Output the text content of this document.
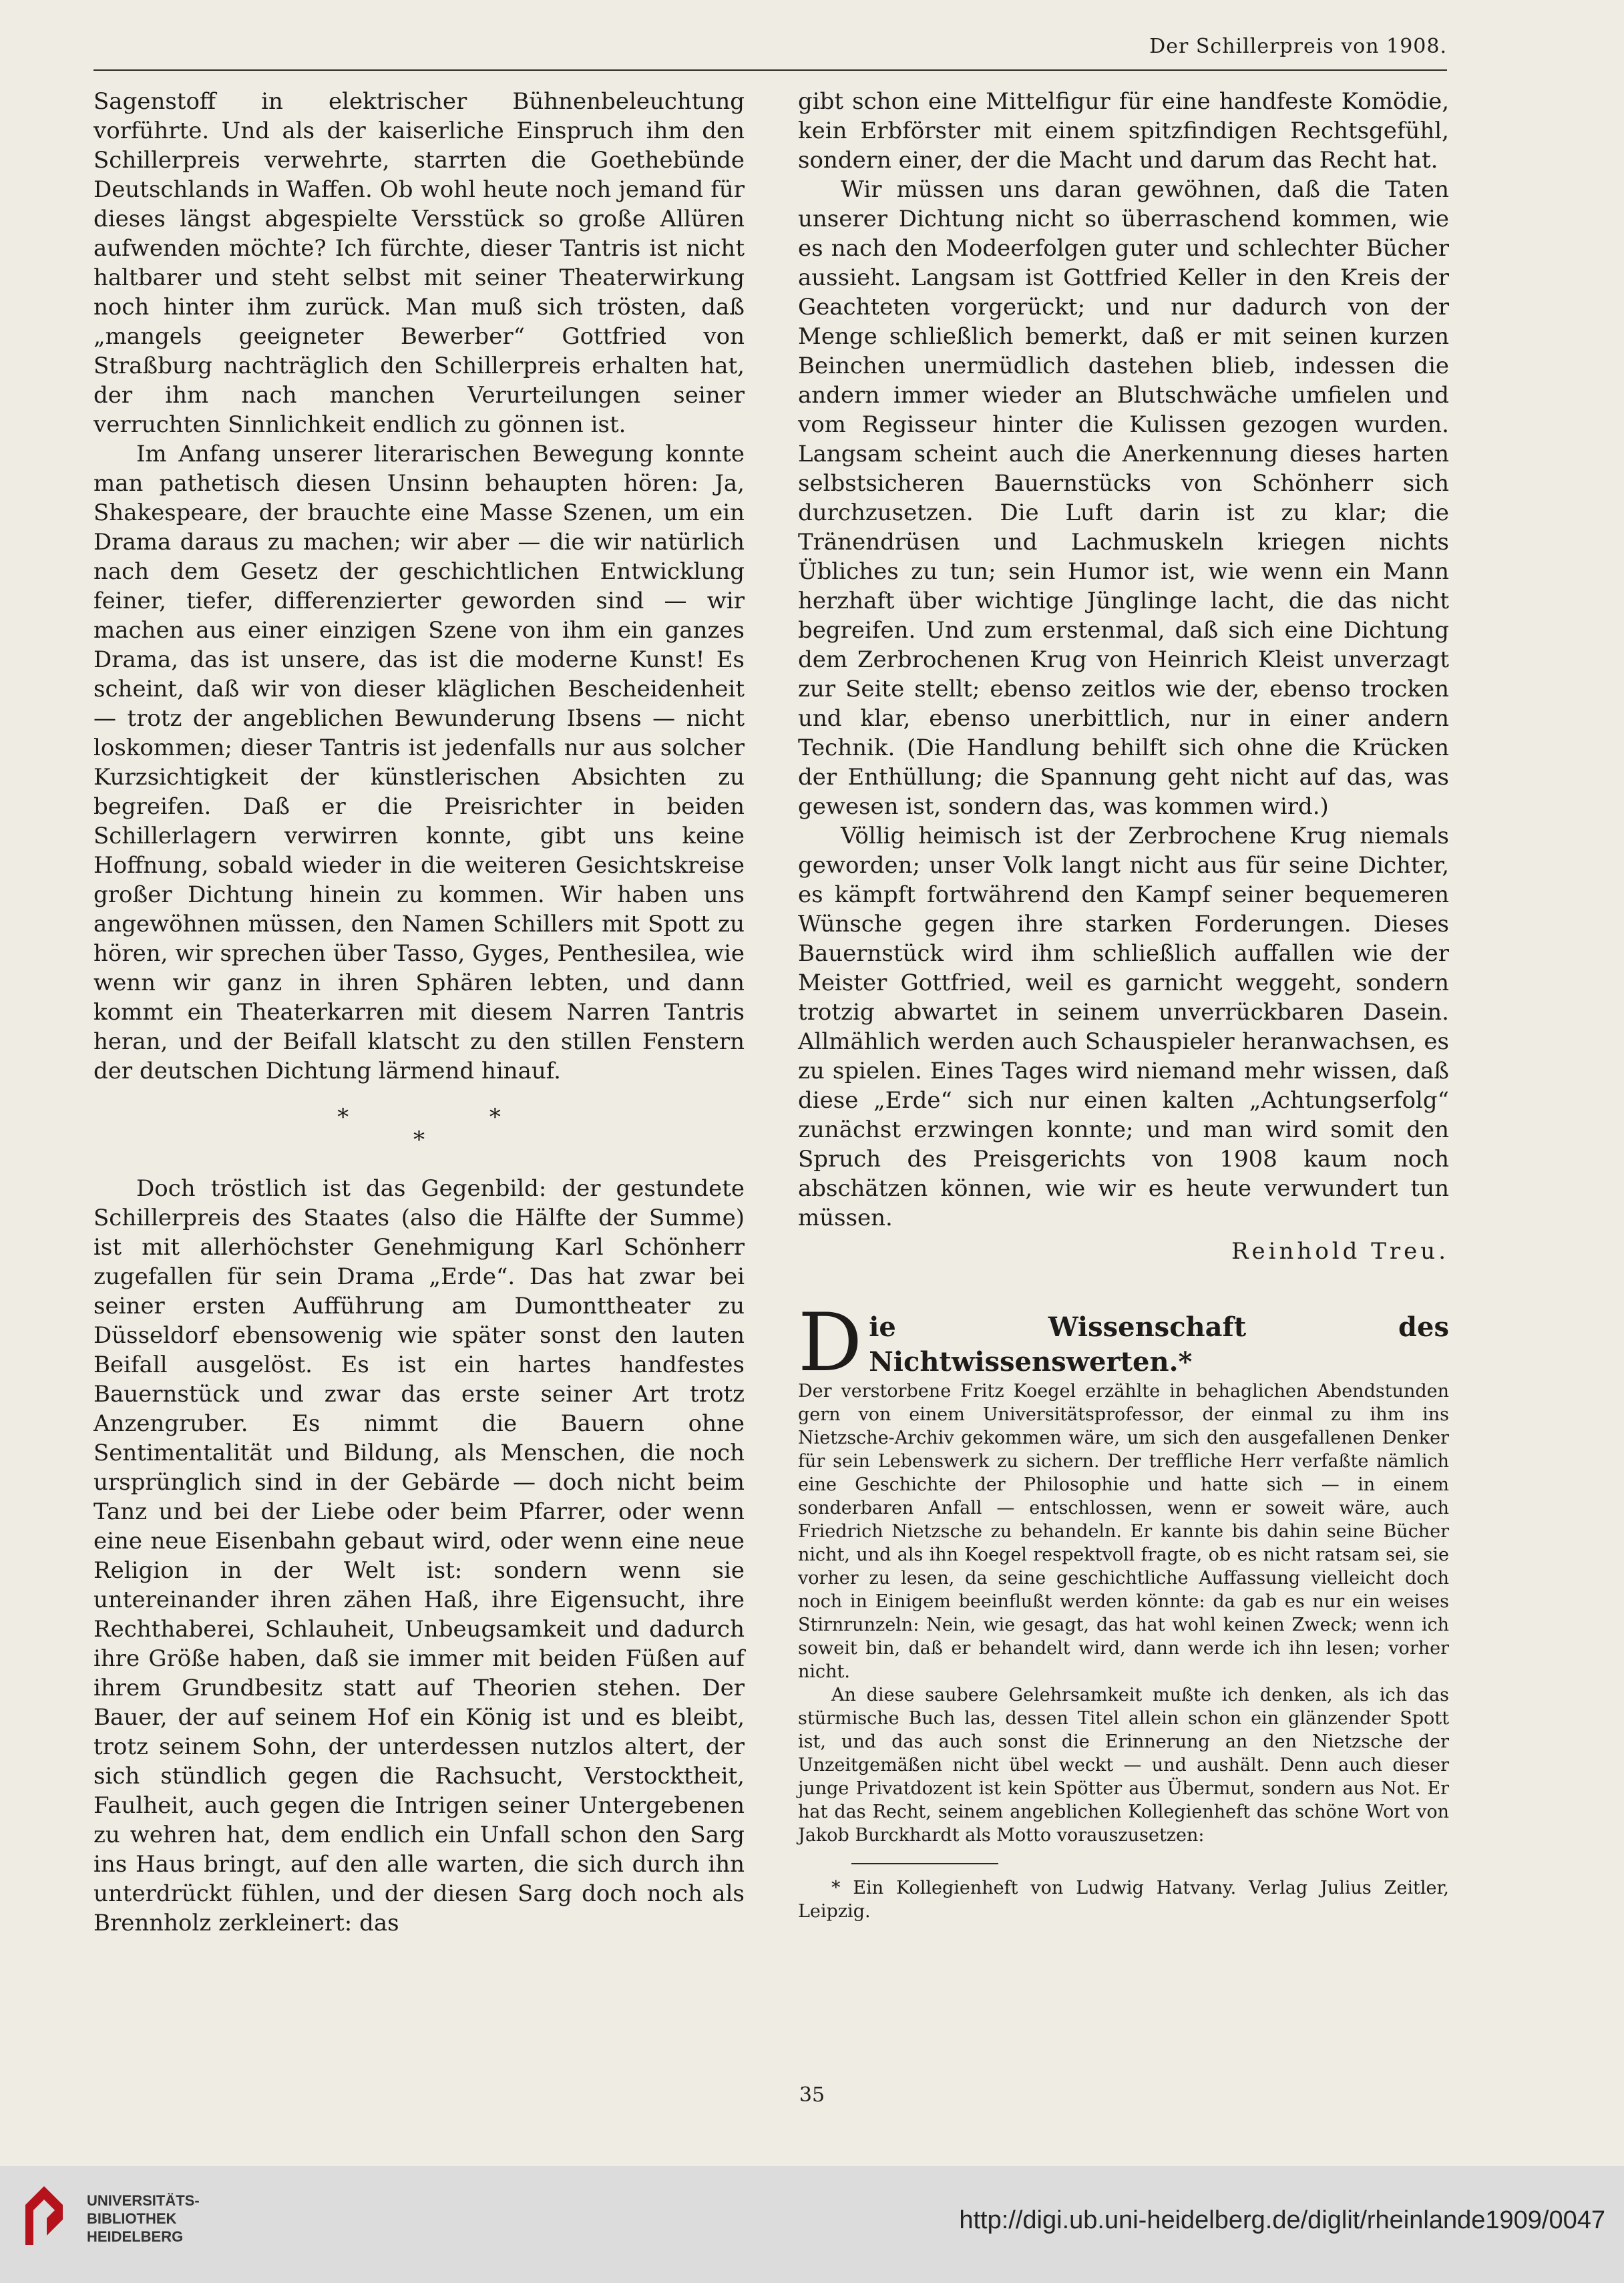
Der Schillerpreis von 1908.

Sagenstoff in elektrischer Bühnenbeleuchtung vorführte. Und als der kaiserliche Einspruch ihm den Schillerpreis verwehrte, starrten die Goethebünde Deutschlands in Waffen. Ob wohl heute noch jemand für dieses längst abgespielte Versstück so große Allüren aufwenden möchte? Ich fürchte, dieser Tantris ist nicht haltbarer und steht selbst mit seiner Theaterwirkung noch hinter ihm zurück. Man muß sich trösten, daß „mangels geeigneter Bewerber“ Gottfried von Straßburg nachträglich den Schillerpreis erhalten hat, der ihm nach manchen Verurteilungen seiner verruchten Sinnlichkeit endlich zu gönnen ist.

Im Anfang unserer literarischen Bewegung konnte man pathetisch diesen Unsinn behaupten hören: Ja, Shakespeare, der brauchte eine Masse Szenen, um ein Drama daraus zu machen; wir aber — die wir natürlich nach dem Gesetz der geschichtlichen Entwicklung feiner, tiefer, differenzierter geworden sind — wir machen aus einer einzigen Szene von ihm ein ganzes Drama, das ist unsere, das ist die moderne Kunst! Es scheint, daß wir von dieser kläglichen Bescheidenheit — trotz der angeblichen Bewunderung Ibsens — nicht loskommen; dieser Tantris ist jedenfalls nur aus solcher Kurzsichtigkeit der künstlerischen Absichten zu begreifen. Daß er die Preisrichter in beiden Schillerlagern verwirren konnte, gibt uns keine Hoffnung, sobald wieder in die weiteren Gesichtskreise großer Dichtung hinein zu kommen. Wir haben uns angewöhnen müssen, den Namen Schillers mit Spott zu hören, wir sprechen über Tasso, Gyges, Penthesilea, wie wenn wir ganz in ihren Sphären lebten, und dann kommt ein Theaterkarren mit diesem Narren Tantris heran, und der Beifall klatscht zu den stillen Fenstern der deutschen Dichtung lärmend hinauf.

* *
*

Doch tröstlich ist das Gegenbild: der gestundete Schillerpreis des Staates (also die Hälfte der Summe) ist mit allerhöchster Genehmigung Karl Schönherr zugefallen für sein Drama „Erde“. Das hat zwar bei seiner ersten Aufführung am Dumonttheater zu Düsseldorf ebensowenig wie später sonst den lauten Beifall ausgelöst. Es ist ein hartes handfestes Bauernstück und zwar das erste seiner Art trotz Anzengruber. Es nimmt die Bauern ohne Sentimentalität und Bildung, als Menschen, die noch ursprünglich sind in der Gebärde — doch nicht beim Tanz und bei der Liebe oder beim Pfarrer, oder wenn eine neue Eisenbahn gebaut wird, oder wenn eine neue Religion in der Welt ist: sondern wenn sie untereinander ihren zähen Haß, ihre Eigensucht, ihre Rechthaberei, Schlauheit, Unbeugsamkeit und dadurch ihre Größe haben, daß sie immer mit beiden Füßen auf ihrem Grundbesitz statt auf Theorien stehen. Der Bauer, der auf seinem Hof ein König ist und es bleibt, trotz seinem Sohn, der unterdessen nutzlos altert, der sich stündlich gegen die Rachsucht, Verstocktheit, Faulheit, auch gegen die Intrigen seiner Untergebenen zu wehren hat, dem endlich ein Unfall schon den Sarg ins Haus bringt, auf den alle warten, die sich durch ihn unterdrückt fühlen, und der diesen Sarg doch noch als Brennholz zerkleinert: das

gibt schon eine Mittelfigur für eine handfeste Komödie, kein Erbförster mit einem spitzfindigen Rechtsgefühl, sondern einer, der die Macht und darum das Recht hat.

Wir müssen uns daran gewöhnen, daß die Taten unserer Dichtung nicht so überraschend kommen, wie es nach den Modeerfolgen guter und schlechter Bücher aussieht. Langsam ist Gottfried Keller in den Kreis der Geachteten vorgerückt; und nur dadurch von der Menge schließlich bemerkt, daß er mit seinen kurzen Beinchen unermüdlich dastehen blieb, indessen die andern immer wieder an Blutschwäche umfielen und vom Regisseur hinter die Kulissen gezogen wurden. Langsam scheint auch die Anerkennung dieses harten selbstsicheren Bauernstücks von Schönherr sich durchzusetzen. Die Luft darin ist zu klar; die Tränendrüsen und Lachmuskeln kriegen nichts Übliches zu tun; sein Humor ist, wie wenn ein Mann herzhaft über wichtige Jünglinge lacht, die das nicht begreifen. Und zum erstenmal, daß sich eine Dichtung dem Zerbrochenen Krug von Heinrich Kleist unverzagt zur Seite stellt; ebenso zeitlos wie der, ebenso trocken und klar, ebenso unerbittlich, nur in einer andern Technik. (Die Handlung behilft sich ohne die Krücken der Enthüllung; die Spannung geht nicht auf das, was gewesen ist, sondern das, was kommen wird.)

Völlig heimisch ist der Zerbrochene Krug niemals geworden; unser Volk langt nicht aus für seine Dichter, es kämpft fortwährend den Kampf seiner bequemeren Wünsche gegen ihre starken Forderungen. Dieses Bauernstück wird ihm schließlich auffallen wie der Meister Gottfried, weil es garnicht weggeht, sondern trotzig abwartet in seinem unverrückbaren Dasein. Allmählich werden auch Schauspieler heranwachsen, es zu spielen. Eines Tages wird niemand mehr wissen, daß diese „Erde“ sich nur einen kalten „Achtungserfolg“ zunächst erzwingen konnte; und man wird somit den Spruch des Preisgerichts von 1908 kaum noch abschätzen können, wie wir es heute verwundert tun müssen.

Reinhold Treu.
Die Wissenschaft des Nichtwissenswerten.*

Der verstorbene Fritz Koegel erzählte in behaglichen Abendstunden gern von einem Universitätsprofessor, der einmal zu ihm ins Nietzsche-Archiv gekommen wäre, um sich den ausgefallenen Denker für sein Lebenswerk zu sichern. Der treffliche Herr verfaßte nämlich eine Geschichte der Philosophie und hatte sich — in einem sonderbaren Anfall — entschlossen, wenn er soweit wäre, auch Friedrich Nietzsche zu behandeln. Er kannte bis dahin seine Bücher nicht, und als ihn Koegel respektvoll fragte, ob es nicht ratsam sei, sie vorher zu lesen, da seine geschichtliche Auffassung vielleicht doch noch in Einigem beeinflußt werden könnte: da gab es nur ein weises Stirnrunzeln: Nein, wie gesagt, das hat wohl keinen Zweck; wenn ich soweit bin, daß er behandelt wird, dann werde ich ihn lesen; vorher nicht.

An diese saubere Gelehrsamkeit mußte ich denken, als ich das stürmische Buch las, dessen Titel allein schon ein glänzender Spott ist, und das auch sonst die Erinnerung an den Nietzsche der Unzeitgemäßen nicht übel weckt — und aushält. Denn auch dieser junge Privatdozent ist kein Spötter aus Übermut, sondern aus Not. Er hat das Recht, seinem angeblichen Kollegienheft das schöne Wort von Jakob Burckhardt als Motto vorauszusetzen:

* Ein Kollegienheft von Ludwig Hatvany. Verlag Julius Zeitler, Leipzig.
35
UNIVERSITÄTS-
BIBLIOTHEK
HEIDELBERG
http://digi.ub.uni-heidelberg.de/diglit/rheinlande1909/0047
